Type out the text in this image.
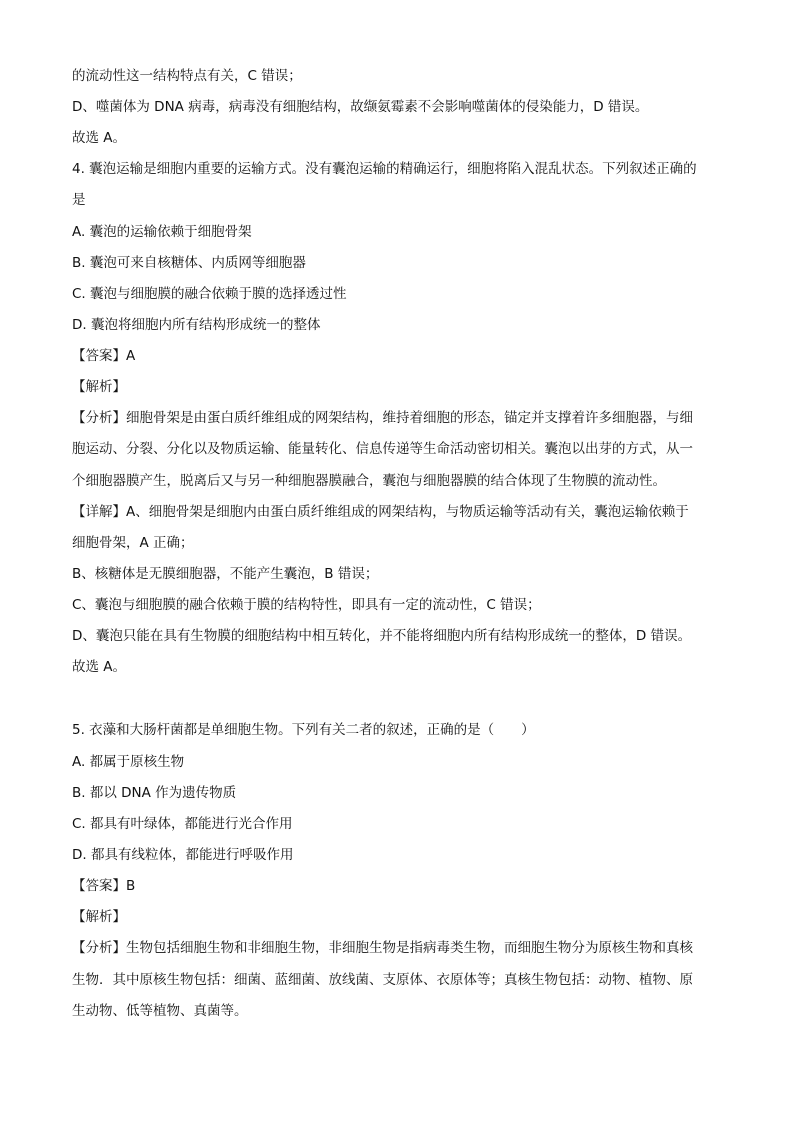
的流动性这一结构特点有关，C 错误；
D、噬菌体为 DNA 病毒，病毒没有细胞结构，故缬氨霉素不会影响噬菌体的侵染能力，D 错误。
故选 A。
4. 囊泡运输是细胞内重要的运输方式。没有囊泡运输的精确运行，细胞将陷入混乱状态。下列叙述正确的
是
A. 囊泡的运输依赖于细胞骨架
B. 囊泡可来自核糖体、内质网等细胞器
C. 囊泡与细胞膜的融合依赖于膜的选择透过性
D. 囊泡将细胞内所有结构形成统一的整体
【答案】A
【解析】
【分析】细胞骨架是由蛋白质纤维组成的网架结构，维持着细胞的形态，锚定并支撑着许多细胞器，与细
胞运动、分裂、分化以及物质运输、能量转化、信息传递等生命活动密切相关。囊泡以出芽的方式，从一
个细胞器膜产生，脱离后又与另一种细胞器膜融合，囊泡与细胞器膜的结合体现了生物膜的流动性。
【详解】A、细胞骨架是细胞内由蛋白质纤维组成的网架结构，与物质运输等活动有关，囊泡运输依赖于
细胞骨架，A 正确；
B、核糖体是无膜细胞器，不能产生囊泡，B 错误；
C、囊泡与细胞膜的融合依赖于膜的结构特性，即具有一定的流动性，C 错误；
D、囊泡只能在具有生物膜的细胞结构中相互转化，并不能将细胞内所有结构形成统一的整体，D 错误。
故选 A。
5. 衣藻和大肠杆菌都是单细胞生物。下列有关二者的叙述，正确的是（　　）
A. 都属于原核生物
B. 都以 DNA 作为遗传物质
C. 都具有叶绿体，都能进行光合作用
D. 都具有线粒体，都能进行呼吸作用
【答案】B
【解析】
【分析】生物包括细胞生物和非细胞生物，非细胞生物是指病毒类生物，而细胞生物分为原核生物和真核
生物．其中原核生物包括：细菌、蓝细菌、放线菌、支原体、衣原体等；真核生物包括：动物、植物、原
生动物、低等植物、真菌等。
